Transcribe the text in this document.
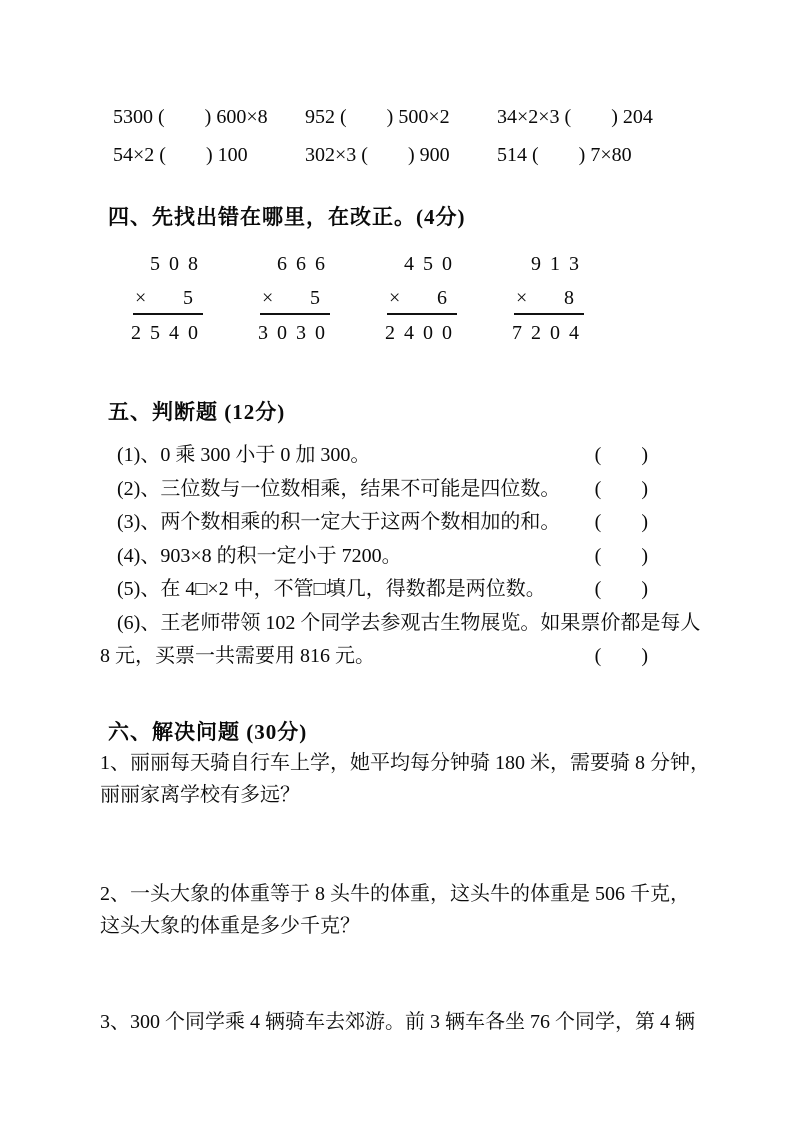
5300 (　　) 600×8	952 (　　) 500×2	34×2×3 (　　) 204
54×2 (　　) 100	302×3 (　　) 900	514 (　　) 7×80
四、先找出错在哪里，在改正。(4分)
5 0 8
× 5
2 5 4 0
6 6 6
× 5
3 0 3 0
4 5 0
× 6
2 4 0 0
9 1 3
× 8
7 2 0 4
五、判断题 (12分)
(1)、0 乘 300 小于 0 加 300。	(　　)
(2)、三位数与一位数相乘，结果不可能是四位数。	(　　)
(3)、两个数相乘的积一定大于这两个数相加的和。	(　　)
(4)、903×8 的积一定小于 7200。	(　　)
(5)、在 4□×2 中，不管□填几，得数都是两位数。	(　　)
(6)、王老师带领 102 个同学去参观古生物展览。如果票价都是每人
8 元，买票一共需要用 816 元。	(　　)
六、解决问题 (30分)
1、丽丽每天骑自行车上学，她平均每分钟骑 180 米，需要骑 8 分钟，
丽丽家离学校有多远？
2、一头大象的体重等于 8 头牛的体重，这头牛的体重是 506 千克，
这头大象的体重是多少千克？
3、300 个同学乘 4 辆骑车去郊游。前 3 辆车各坐 76 个同学，第 4 辆
